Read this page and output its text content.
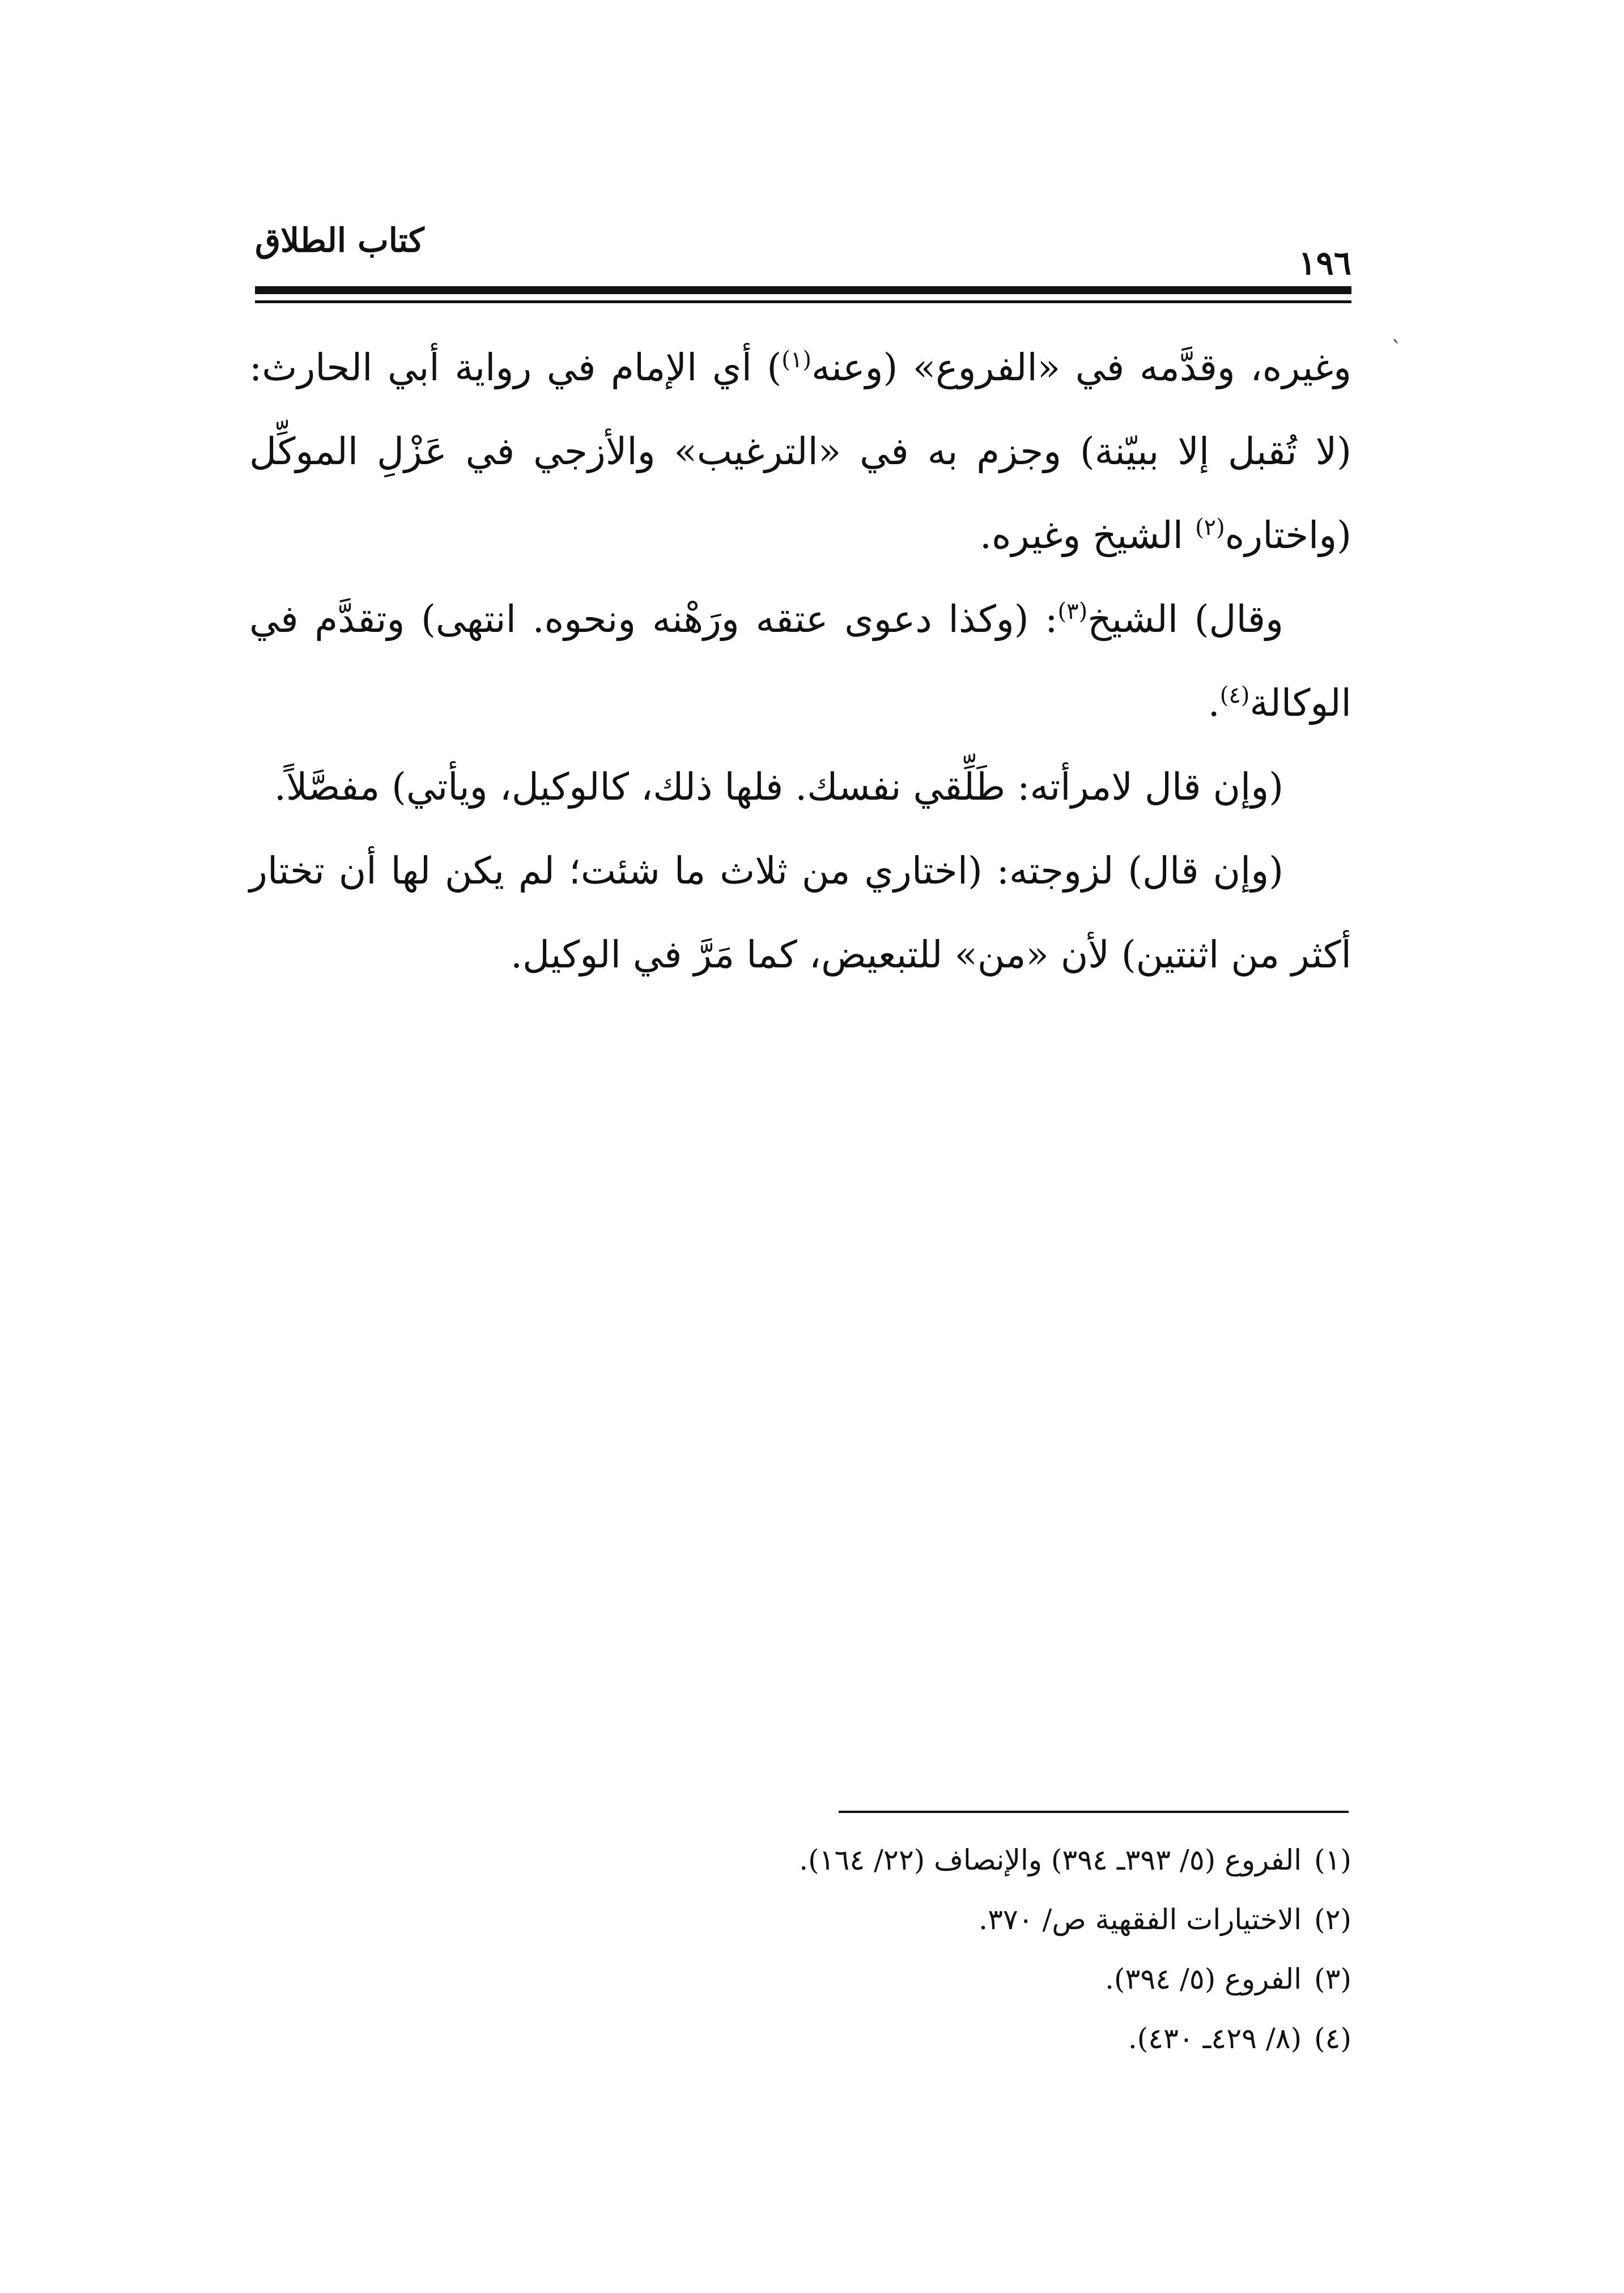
كتاب الطلاق
١٩٦
ˋ

وغيره، وقدَّمه في «الفروع» (وعنه$^{(١)}$) أي الإمام في رواية أبي الحارث: (لا تُقبل إلا ببيّنة) وجزم به في «الترغيب» والأزجي في عَزْلِ الموكِّل (واختاره$^{(٢)}$ الشيخ وغيره.

وقال) الشيخ$^{(٣)}$: (وكذا دعوى عتقه ورَهْنه ونحوه. انتهى) وتقدَّم في الوكالة$^{(٤)}$.

(وإن قال لامرأته: طَلِّقي نفسك. فلها ذلك، كالوكيل، ويأتي) مفصَّلاً.

(وإن قال) لزوجته: (اختاري من ثلاث ما شئت؛ لم يكن لها أن تختار أكثر من اثنتين) لأن «من» للتبعيض، كما مَرَّ في الوكيل.

(١)الفروع (٥/ ٣٩٣ـ ٣٩٤) والإنصاف (٢٢/ ١٦٤).

(٢)الاختيارات الفقهية ص/ ٣٧٠.

(٣)الفروع (٥/ ٣٩٤).

(٤)(٨/ ٤٢٩ـ ٤٣٠).
